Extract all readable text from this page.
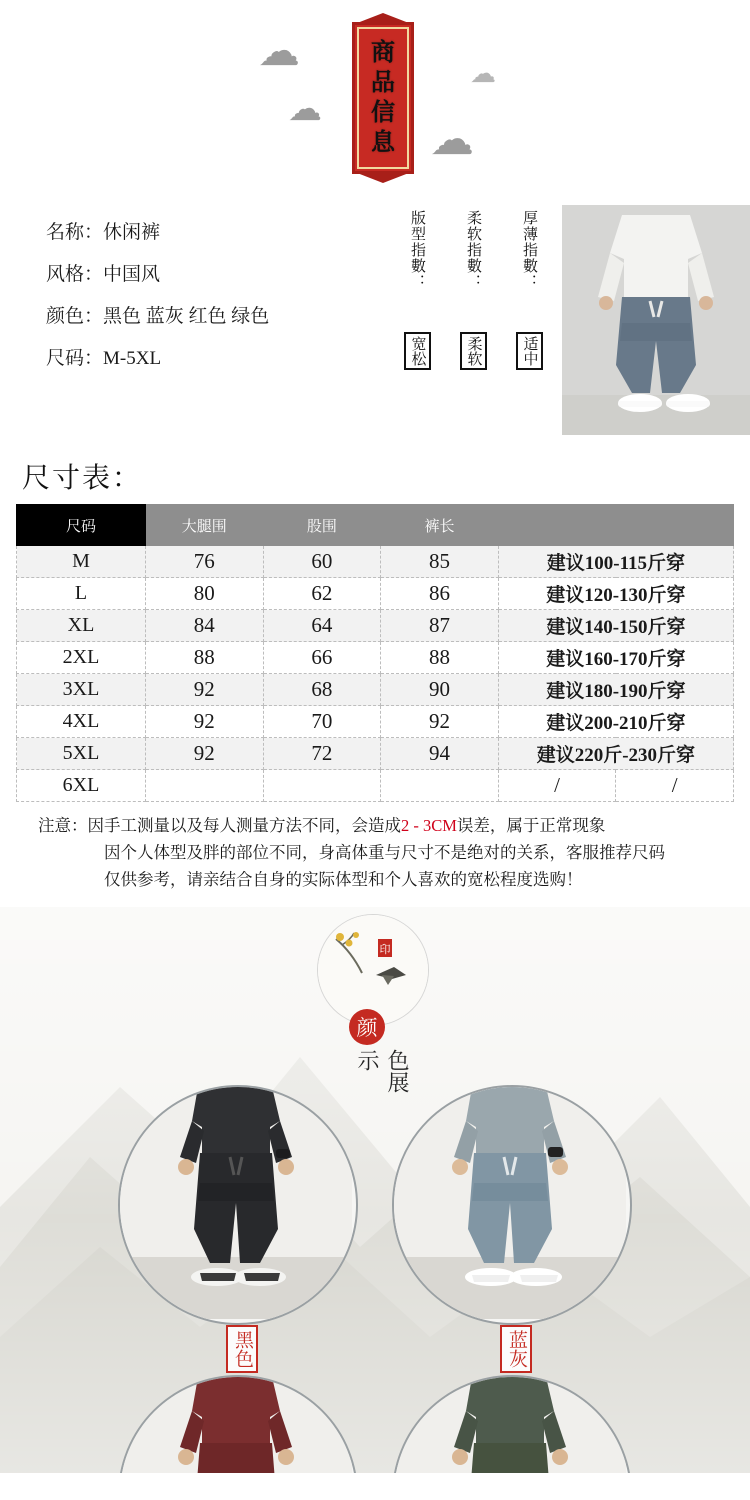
☁
☁
☁
☁
商
品
信
息
名称：休闲裤
风格：中国风
颜色：黑色 蓝灰 红色 绿色
尺码：M-5XL
版型指數：
宽松
柔软指數：
柔软
厚薄指數：
适中
尺寸表：
尺码	大腿围	股围	裤长		
M	76	60	85	建议100-115斤穿	
L	80	62	86	建议120-130斤穿	
XL	84	64	87	建议140-150斤穿	
2XL	88	66	88	建议160-170斤穿	
3XL	92	68	90	建议180-190斤穿	
4XL	92	70	92	建议200-210斤穿	
5XL	92	72	94	建议220斤-230斤穿	
6XL				/	/
注意：因手工测量以及每人测量方法不同，会造成2 - 3CM误差，属于正常现象
因个人体型及胖的部位不同，身高体重与尺寸不是绝对的关系，客服推荐尺码
仅供参考，请亲结合自身的实际体型和个人喜欢的宽松程度选购！
印
颜
色展示
黑色	蓝灰
